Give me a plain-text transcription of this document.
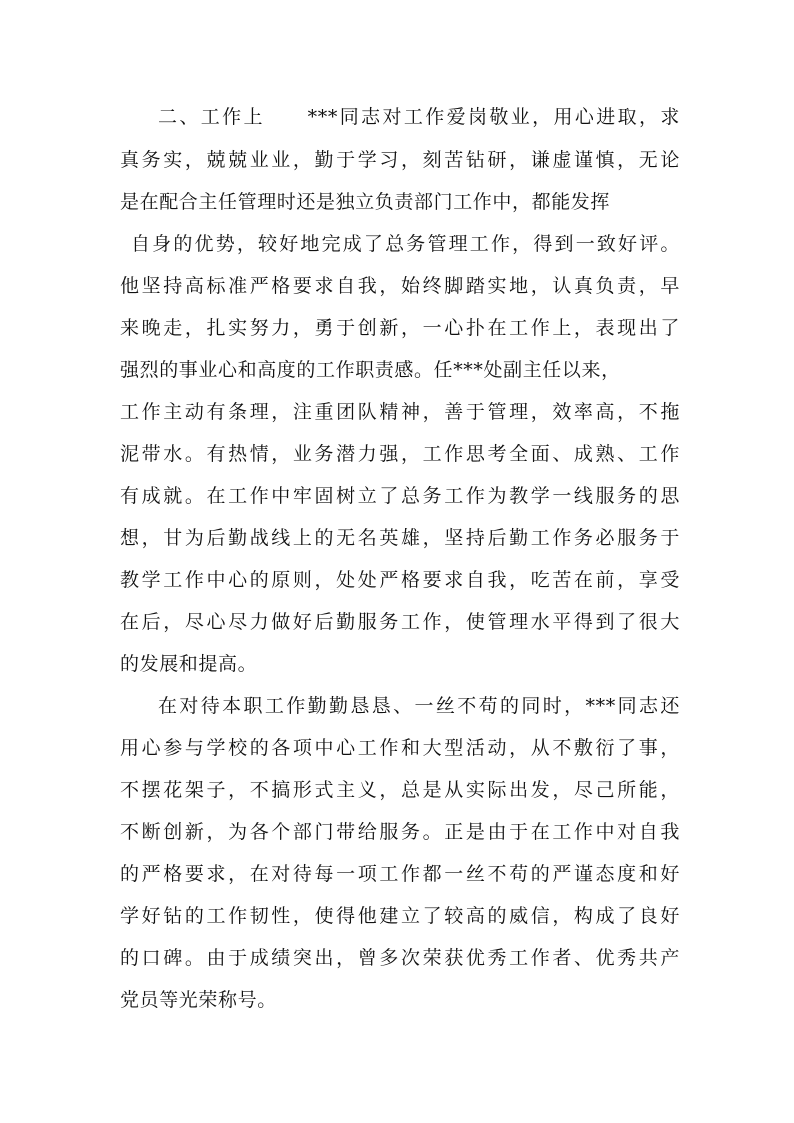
二、工作上　　***同志对工作爱岗敬业，用心进取，求
真务实，兢兢业业，勤于学习，刻苦钻研，谦虚谨慎，无论
是在配合主任管理时还是独立负责部门工作中，都能发挥
自身的优势，较好地完成了总务管理工作，得到一致好评。
他坚持高标准严格要求自我，始终脚踏实地，认真负责，早
来晚走，扎实努力，勇于创新，一心扑在工作上，表现出了
强烈的事业心和高度的工作职责感。任***处副主任以来，
工作主动有条理，注重团队精神，善于管理，效率高，不拖
泥带水。有热情，业务潜力强，工作思考全面、成熟、工作
有成就。在工作中牢固树立了总务工作为教学一线服务的思
想，甘为后勤战线上的无名英雄，坚持后勤工作务必服务于
教学工作中心的原则，处处严格要求自我，吃苦在前，享受
在后，尽心尽力做好后勤服务工作，使管理水平得到了很大
的发展和提高。
在对待本职工作勤勤恳恳、一丝不苟的同时，***同志还
用心参与学校的各项中心工作和大型活动，从不敷衍了事，
不摆花架子，不搞形式主义，总是从实际出发，尽己所能，
不断创新，为各个部门带给服务。正是由于在工作中对自我
的严格要求，在对待每一项工作都一丝不苟的严谨态度和好
学好钻的工作韧性，使得他建立了较高的威信，构成了良好
的口碑。由于成绩突出，曾多次荣获优秀工作者、优秀共产
党员等光荣称号。
